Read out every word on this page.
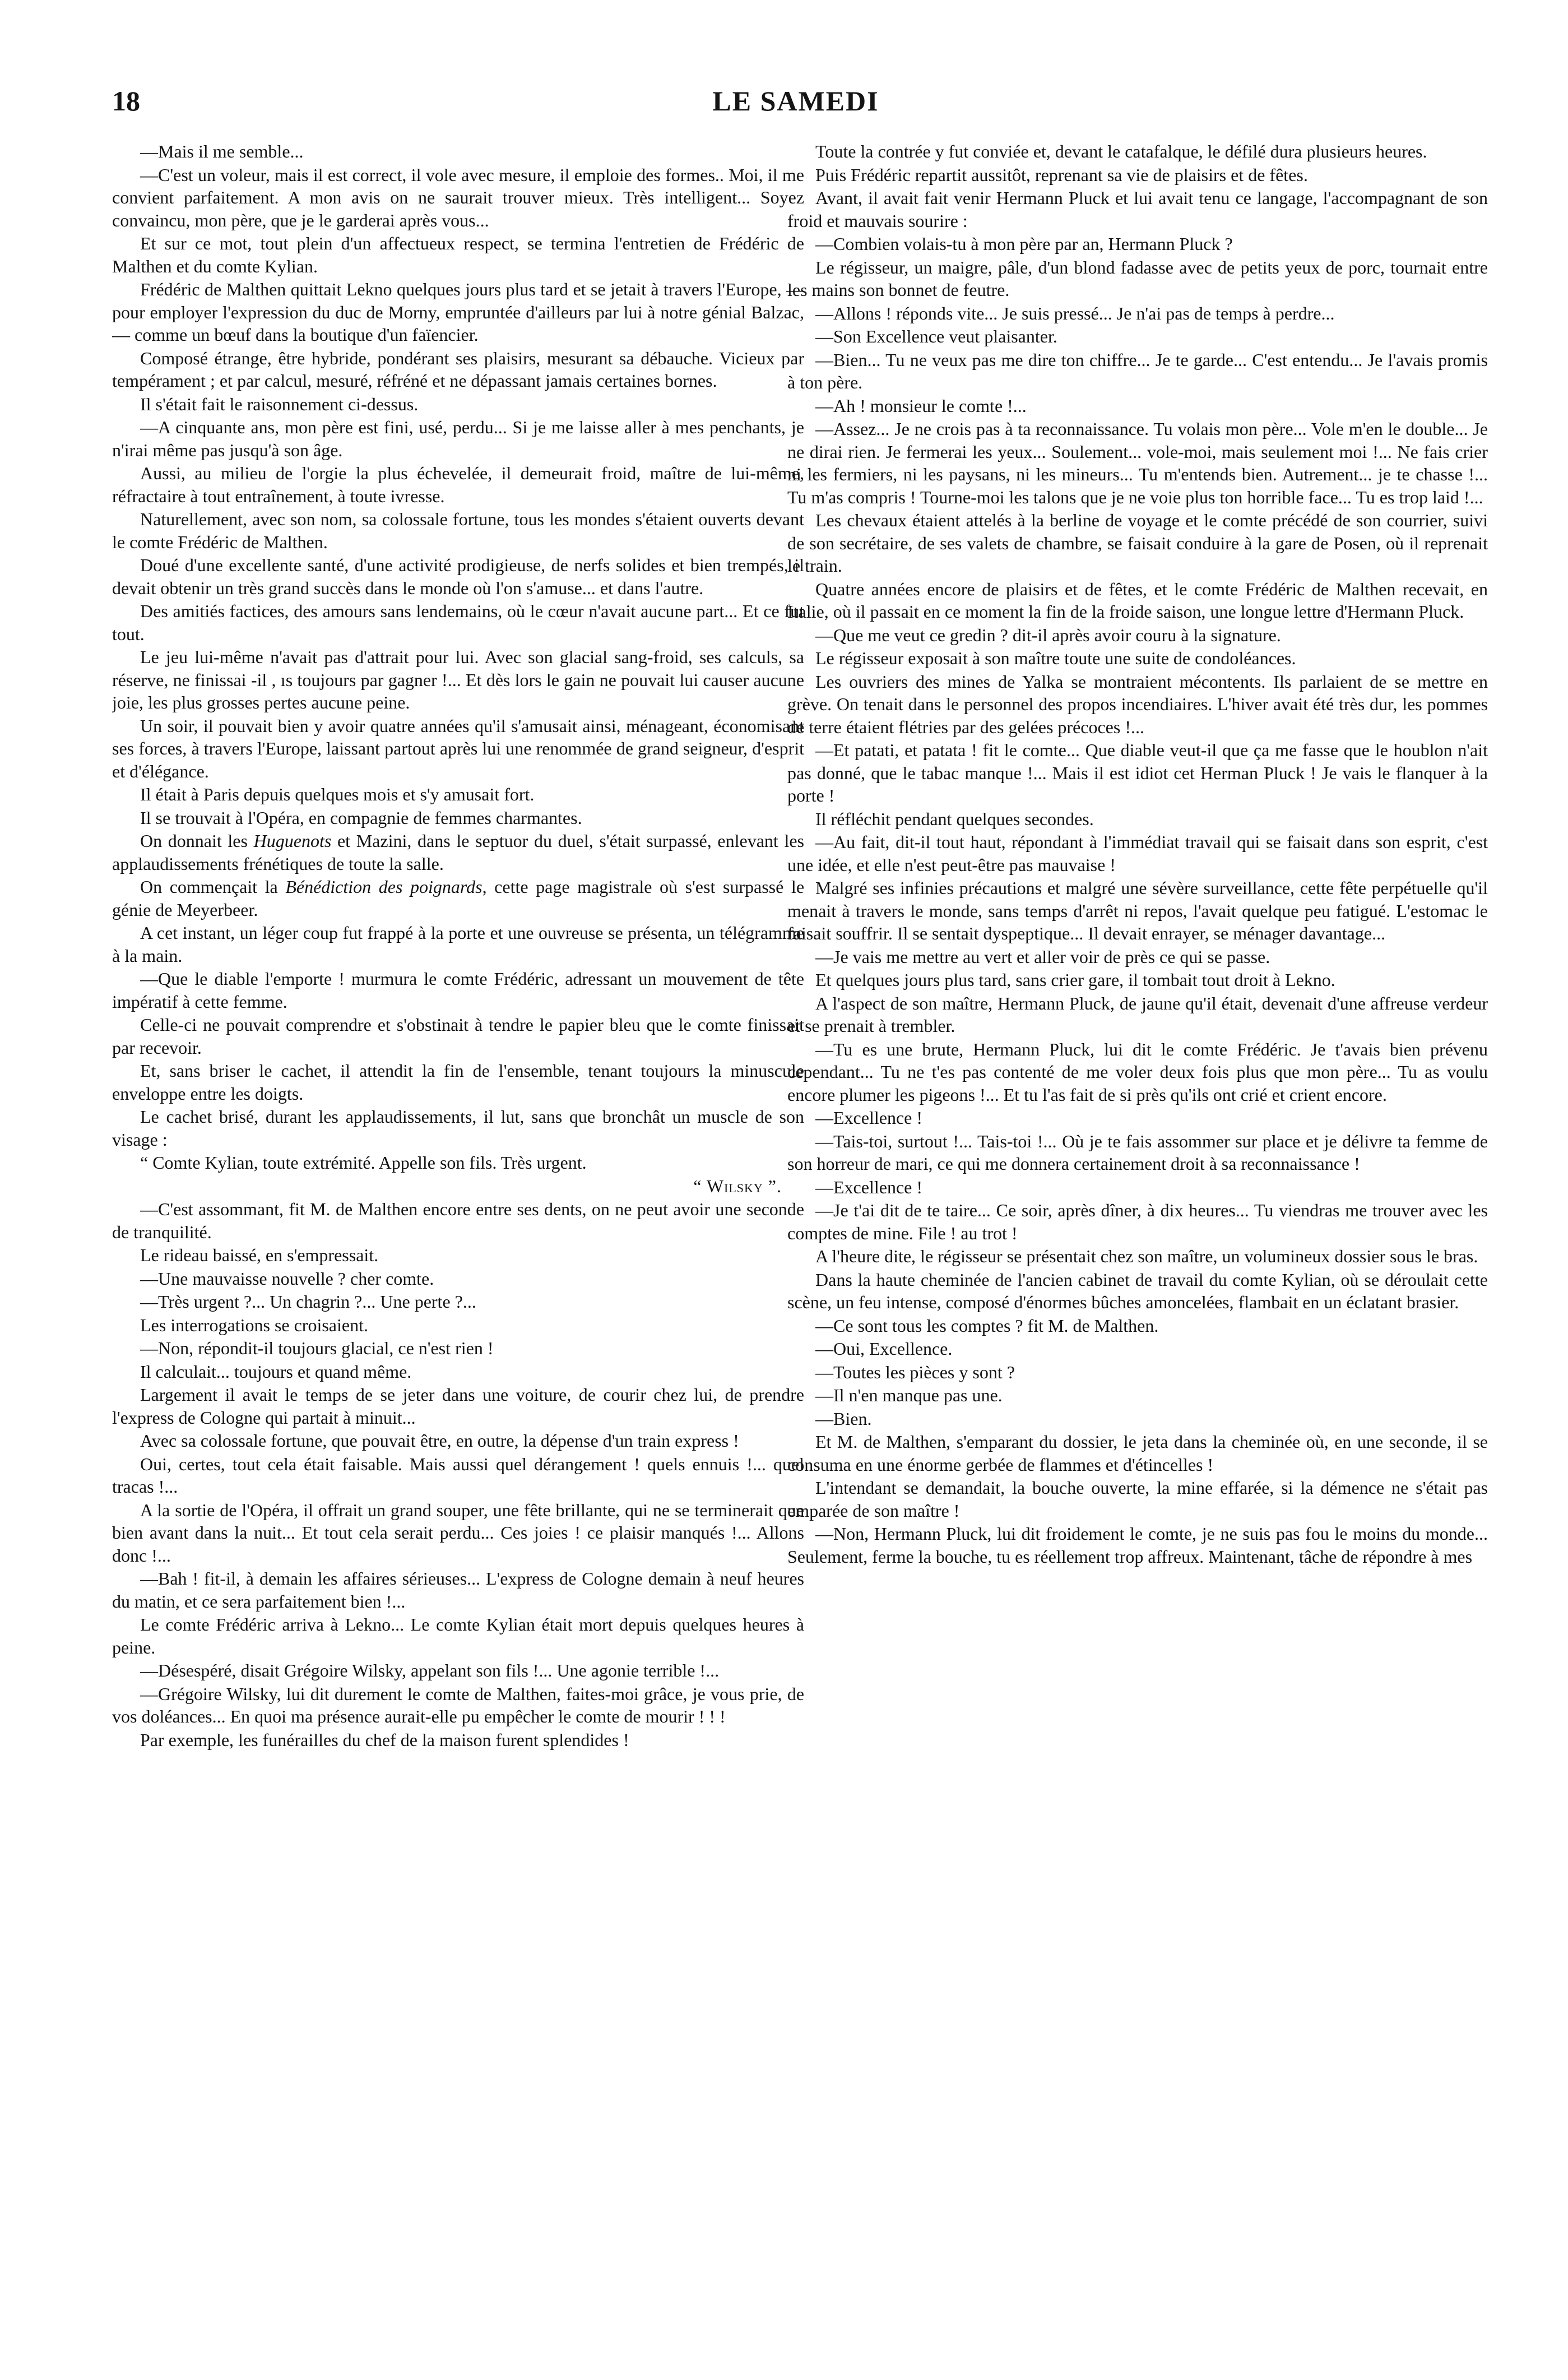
18	LE SAMEDI

—Mais il me semble...

—C'est un voleur, mais il est correct, il vole avec mesure, il emploie des formes.. Moi, il me convient parfaitement. A mon avis on ne saurait trouver mieux. Très intelligent... Soyez convaincu, mon père, que je le garderai après vous...

Et sur ce mot, tout plein d'un affectueux respect, se termina l'entretien de Frédéric de Malthen et du comte Kylian.

Frédéric de Malthen quittait Lekno quelques jours plus tard et se jetait à travers l'Europe, — pour employer l'expression du duc de Morny, empruntée d'ailleurs par lui à notre génial Balzac, — comme un bœuf dans la boutique d'un faïencier.

Composé étrange, être hybride, pondérant ses plaisirs, mesurant sa débauche. Vicieux par tempérament ; et par calcul, mesuré, réfréné et ne dépassant jamais certaines bornes.

Il s'était fait le raisonnement ci-dessus.

—A cinquante ans, mon père est fini, usé, perdu... Si je me laisse aller à mes penchants, je n'irai même pas jusqu'à son âge.

Aussi, au milieu de l'orgie la plus échevelée, il demeurait froid, maître de lui-même, réfractaire à tout entraînement, à toute ivresse.

Naturellement, avec son nom, sa colossale fortune, tous les mondes s'étaient ouverts devant le comte Frédéric de Malthen.

Doué d'une excellente santé, d'une activité prodigieuse, de nerfs solides et bien trempés, il devait obtenir un très grand succès dans le monde où l'on s'amuse... et dans l'autre.

Des amitiés factices, des amours sans lendemains, où le cœur n'avait aucune part... Et ce fut tout.

Le jeu lui-même n'avait pas d'attrait pour lui. Avec son glacial sang-froid, ses calculs, sa réserve, ne finissai -il , ıs toujours par gagner !... Et dès lors le gain ne pouvait lui causer aucune joie, les plus grosses pertes aucune peine.

Un soir, il pouvait bien y avoir quatre années qu'il s'amusait ainsi, ménageant, économisant ses forces, à travers l'Europe, laissant partout après lui une renommée de grand seigneur, d'esprit et d'élégance.

Il était à Paris depuis quelques mois et s'y amusait fort.

Il se trouvait à l'Opéra, en compagnie de femmes charmantes.

On donnait les Huguenots et Mazini, dans le septuor du duel, s'était surpassé, enlevant les applaudissements frénétiques de toute la salle.

On commençait la Bénédiction des poignards, cette page magistrale où s'est surpassé le génie de Meyerbeer.

A cet instant, un léger coup fut frappé à la porte et une ouvreuse se présenta, un télégramme à la main.

—Que le diable l'emporte ! murmura le comte Frédéric, adressant un mouvement de tête impératif à cette femme.

Celle-ci ne pouvait comprendre et s'obstinait à tendre le papier bleu que le comte finissait par recevoir.

Et, sans briser le cachet, il attendit la fin de l'ensemble, tenant toujours la minuscule enveloppe entre les doigts.

Le cachet brisé, durant les applaudissements, il lut, sans que bronchât un muscle de son visage :

“ Comte Kylian, toute extrémité. Appelle son fils. Très urgent.

“ Wilsky ”.

—C'est assommant, fit M. de Malthen encore entre ses dents, on ne peut avoir une seconde de tranquilité.

Le rideau baissé, en s'empressait.

—Une mauvaisse nouvelle ? cher comte.

—Très urgent ?... Un chagrin ?... Une perte ?...

Les interrogations se croisaient.

—Non, répondit-il toujours glacial, ce n'est rien !

Il calculait... toujours et quand même.

Largement il avait le temps de se jeter dans une voiture, de courir chez lui, de prendre l'express de Cologne qui partait à minuit...

Avec sa colossale fortune, que pouvait être, en outre, la dépense d'un train express !

Oui, certes, tout cela était faisable. Mais aussi quel dérangement ! quels ennuis !... quel tracas !...

A la sortie de l'Opéra, il offrait un grand souper, une fête brillante, qui ne se terminerait que bien avant dans la nuit... Et tout cela serait perdu... Ces joies ! ce plaisir manqués !... Allons donc !...

—Bah ! fit-il, à demain les affaires sérieuses... L'express de Cologne demain à neuf heures du matin, et ce sera parfaitement bien !...

Le comte Frédéric arriva à Lekno... Le comte Kylian était mort depuis quelques heures à peine.

—Désespéré, disait Grégoire Wilsky, appelant son fils !... Une agonie terrible !...

—Grégoire Wilsky, lui dit durement le comte de Malthen, faites-moi grâce, je vous prie, de vos doléances... En quoi ma présence aurait-elle pu empêcher le comte de mourir ! ! !

Par exemple, les funérailles du chef de la maison furent splendides !

Toute la contrée y fut conviée et, devant le catafalque, le défilé dura plusieurs heures.

Puis Frédéric repartit aussitôt, reprenant sa vie de plaisirs et de fêtes.

Avant, il avait fait venir Hermann Pluck et lui avait tenu ce langage, l'accompagnant de son froid et mauvais sourire :

—Combien volais-tu à mon père par an, Hermann Pluck ?

Le régisseur, un maigre, pâle, d'un blond fadasse avec de petits yeux de porc, tournait entre les mains son bonnet de feutre.

—Allons ! réponds vite... Je suis pressé... Je n'ai pas de temps à perdre...

—Son Excellence veut plaisanter.

—Bien... Tu ne veux pas me dire ton chiffre... Je te garde... C'est entendu... Je l'avais promis à ton père.

—Ah ! monsieur le comte !...

—Assez... Je ne crois pas à ta reconnaissance. Tu volais mon père... Vole m'en le double... Je ne dirai rien. Je fermerai les yeux... Soulement... vole-moi, mais seulement moi !... Ne fais crier ni les fermiers, ni les paysans, ni les mineurs... Tu m'entends bien. Autrement... je te chasse !... Tu m'as compris ! Tourne-moi les talons que je ne voie plus ton horrible face... Tu es trop laid !...

Les chevaux étaient attelés à la berline de voyage et le comte précédé de son courrier, suivi de son secrétaire, de ses valets de chambre, se faisait conduire à la gare de Posen, où il reprenait le train.

Quatre années encore de plaisirs et de fêtes, et le comte Frédéric de Malthen recevait, en Italie, où il passait en ce moment la fin de la froide saison, une longue lettre d'Hermann Pluck.

—Que me veut ce gredin ? dit-il après avoir couru à la signature.

Le régisseur exposait à son maître toute une suite de condoléances.

Les ouvriers des mines de Yalka se montraient mécontents. Ils parlaient de se mettre en grève. On tenait dans le personnel des propos incendiaires. L'hiver avait été très dur, les pommes de terre étaient flétries par des gelées précoces !...

—Et patati, et patata ! fit le comte... Que diable veut-il que ça me fasse que le houblon n'ait pas donné, que le tabac manque !... Mais il est idiot cet Herman Pluck ! Je vais le flanquer à la porte !

Il réfléchit pendant quelques secondes.

—Au fait, dit-il tout haut, répondant à l'immédiat travail qui se faisait dans son esprit, c'est une idée, et elle n'est peut-être pas mauvaise !

Malgré ses infinies précautions et malgré une sévère surveillance, cette fête perpétuelle qu'il menait à travers le monde, sans temps d'arrêt ni repos, l'avait quelque peu fatigué. L'estomac le faisait souffrir. Il se sentait dyspeptique... Il devait enrayer, se ménager davantage...

—Je vais me mettre au vert et aller voir de près ce qui se passe.

Et quelques jours plus tard, sans crier gare, il tombait tout droit à Lekno.

A l'aspect de son maître, Hermann Pluck, de jaune qu'il était, devenait d'une affreuse verdeur et se prenait à trembler.

—Tu es une brute, Hermann Pluck, lui dit le comte Frédéric. Je t'avais bien prévenu cependant... Tu ne t'es pas contenté de me voler deux fois plus que mon père... Tu as voulu encore plumer les pigeons !... Et tu l'as fait de si près qu'ils ont crié et crient encore.

—Excellence !

—Tais-toi, surtout !... Tais-toi !... Où je te fais assommer sur place et je délivre ta femme de son horreur de mari, ce qui me donnera certainement droit à sa reconnaissance !

—Excellence !

—Je t'ai dit de te taire... Ce soir, après dîner, à dix heures... Tu viendras me trouver avec les comptes de mine. File ! au trot !

A l'heure dite, le régisseur se présentait chez son maître, un volumineux dossier sous le bras.

Dans la haute cheminée de l'ancien cabinet de travail du comte Kylian, où se déroulait cette scène, un feu intense, composé d'énormes bûches amoncelées, flambait en un éclatant brasier.

—Ce sont tous les comptes ? fit M. de Malthen.

—Oui, Excellence.

—Toutes les pièces y sont ?

—Il n'en manque pas une.

—Bien.

Et M. de Malthen, s'emparant du dossier, le jeta dans la cheminée où, en une seconde, il se consuma en une énorme gerbée de flammes et d'étincelles !

L'intendant se demandait, la bouche ouverte, la mine effarée, si la démence ne s'était pas emparée de son maître !

—Non, Hermann Pluck, lui dit froidement le comte, je ne suis pas fou le moins du monde... Seulement, ferme la bouche, tu es réellement trop affreux. Maintenant, tâche de répondre à mes
